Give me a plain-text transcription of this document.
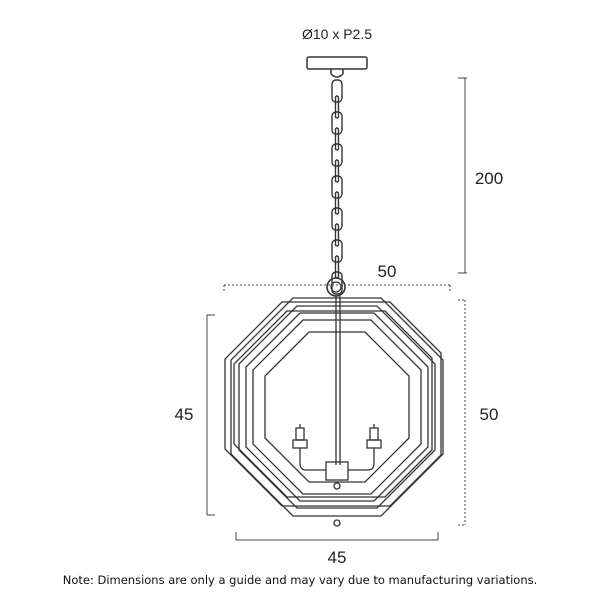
Ø10 x P2.5
200
50
50
45
45
Note: Dimensions are only a guide and may vary due to manufacturing variations.
